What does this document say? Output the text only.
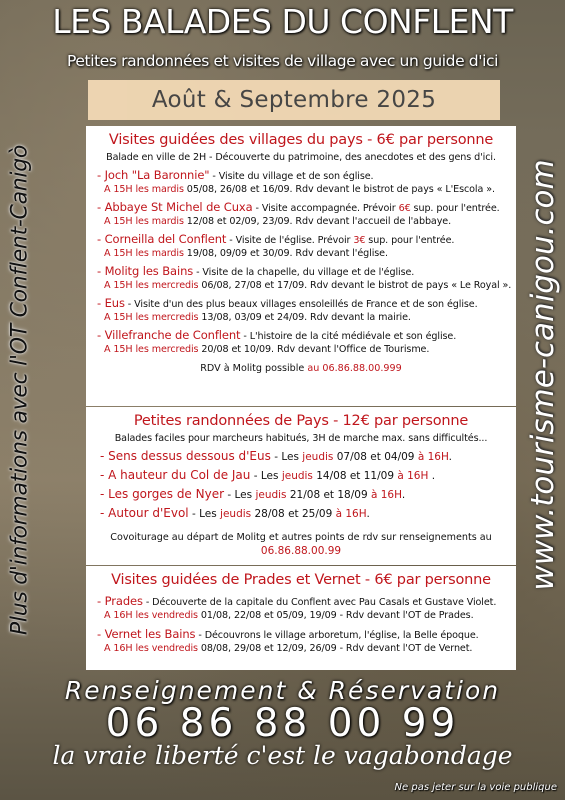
LES BALADES DU CONFLENT
Petites randonnées et visites de village avec un guide d'ici
Août & Septembre 2025
Plus d'informations avec l'OT Conflent-Canigò	www.tourisme-canigou.com
Visites guidées des villages du pays - 6€ par personne
Balade en ville de 2H - Découverte du patrimoine, des anecdotes et des gens d'ici.
- Joch "La Baronnie" - Visite du village et de son église.
A 15H les mardis 05/08, 26/08 et 16/09. Rdv devant le bistrot de pays « L'Escola ».
- Abbaye St Michel de Cuxa - Visite accompagnée. Prévoir 6€ sup. pour l'entrée.
A 15H les mardis 12/08 et 02/09, 23/09. Rdv devant l'accueil de l'abbaye.
- Corneilla del Conflent - Visite de l'église. Prévoir 3€ sup. pour l'entrée.
A 15H les mardis 19/08, 09/09 et 30/09. Rdv devant l'église.
- Molitg les Bains - Visite de la chapelle, du village et de l'église.
A 15H les mercredis 06/08, 27/08 et 17/09. Rdv devant le bistrot de pays « Le Royal ».
- Eus - Visite d'un des plus beaux villages ensoleillés de France et de son église.
A 15H les mercredis 13/08, 03/09 et 24/09. Rdv devant la mairie.
- Villefranche de Conflent - L'histoire de la cité médiévale et son église.
A 15H les mercredis 20/08 et 10/09. Rdv devant l'Office de Tourisme.
RDV à Molitg possible au 06.86.88.00.999
Petites randonnées de Pays - 12€ par personne
Balades faciles pour marcheurs habitués, 3H de marche max. sans difficultés...
- Sens dessus dessous d'Eus - Les jeudis 07/08 et 04/09 à 16H.
- A hauteur du Col de Jau - Les jeudis 14/08 et 11/09 à 16H .
- Les gorges de Nyer - Les jeudis 21/08 et 18/09 à 16H.
- Autour d'Evol - Les jeudis 28/08 et 25/09 à 16H.
Covoiturage au départ de Molitg et autres points de rdv sur renseignements au
06.86.88.00.99
Visites guidées de Prades et Vernet - 6€ par personne
- Prades - Découverte de la capitale du Conflent avec Pau Casals et Gustave Violet.
A 16H les vendredis 01/08, 22/08 et 05/09, 19/09 - Rdv devant l'OT de Prades.
- Vernet les Bains - Découvrons le village arboretum, l'église, la Belle époque.
A 16H les vendredis 08/08, 29/08 et 12/09, 26/09 - Rdv devant l'OT de Vernet.
Renseignement & Réservation
06 86 88 00 99
la vraie liberté c'est le vagabondage
Ne pas jeter sur la voie publique
